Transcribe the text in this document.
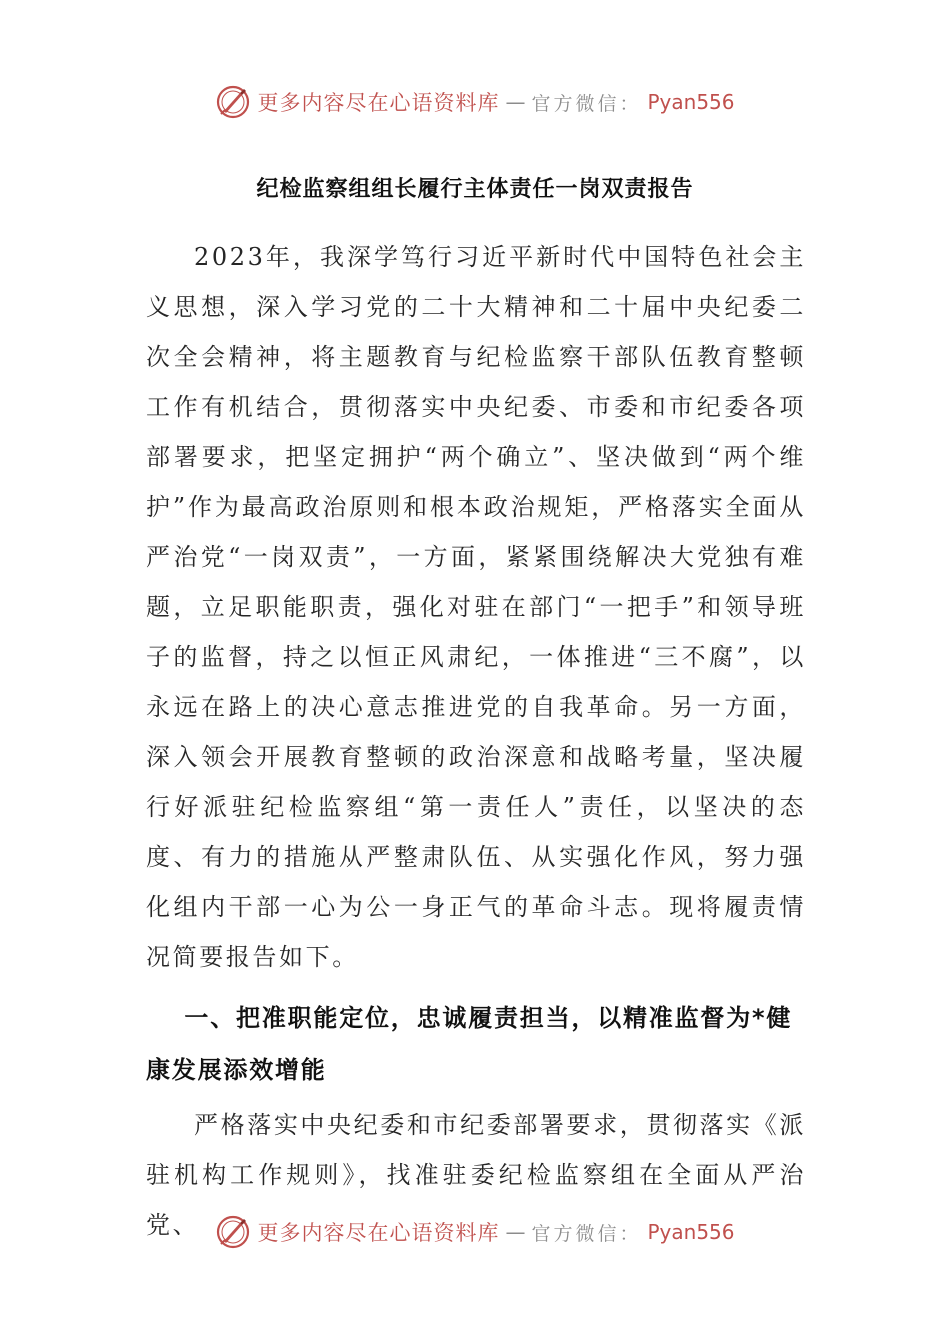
更多内容尽在心语资料库 — 官方微信： Pyan556
纪检监察组组长履行主体责任一岗双责报告

2023年，我深学笃行习近平新时代中国特色社会主义思想，深入学习党的二十大精神和二十届中央纪委二次全会精神，将主题教育与纪检监察干部队伍教育整顿工作有机结合，贯彻落实中央纪委、市委和市纪委各项部署要求，把坚定拥护“两个确立”、坚决做到“两个维护”作为最高政治原则和根本政治规矩，严格落实全面从严治党“一岗双责”，一方面，紧紧围绕解决大党独有难题，立足职能职责，强化对驻在部门“一把手”和领导班子的监督，持之以恒正风肃纪，一体推进“三不腐”，以永远在路上的决心意志推进党的自我革命。另一方面，深入领会开展教育整顿的政治深意和战略考量，坚决履行好派驻纪检监察组“第一责任人”责任，以坚决的态度、有力的措施从严整肃队伍、从实强化作风，努力强化组内干部一心为公一身正气的革命斗志。现将履责情况简要报告如下。

一、把准职能定位，忠诚履责担当，以精准监督为*健康发展添效增能

严格落实中央纪委和市纪委部署要求，贯彻落实《派驻机构工作规则》，找准驻委纪检监察组在全面从严治党、	更多内容尽在心语资料库 — 官方微信： Pyan556
